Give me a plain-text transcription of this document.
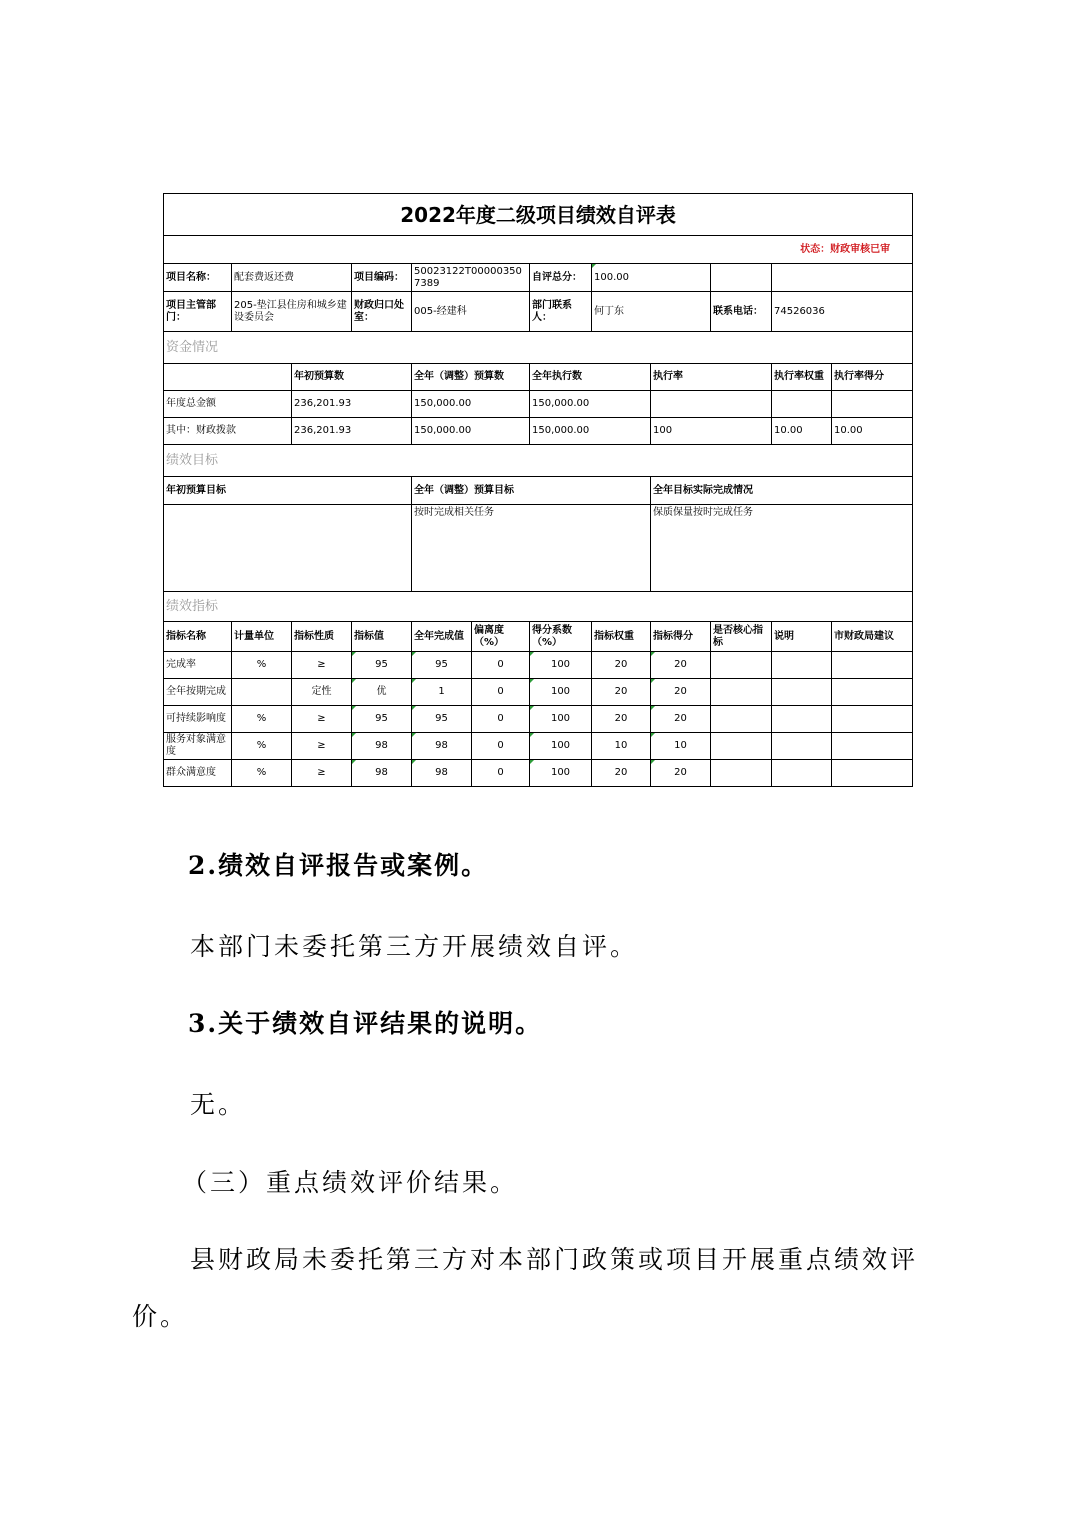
2022年度二级项目绩效自评表											
状态：财政审核已审											
项目名称：	配套费返还费		项目编码：	50023122T000003507389		自评总分：	100.00				
项目主管部门：	205-垫江县住房和城乡建设委员会		财政归口处室：	005-经建科		部门联系人：	何丁东		联系电话：	74526036	
资金情况											
		年初预算数		全年（调整）预算数		全年执行数		执行率		执行率权重	执行率得分
年度总金额		236,201.93		150,000.00		150,000.00					
其中：财政拨款		236,201.93		150,000.00		150,000.00		100		10.00	10.00
绩效目标											
年初预算目标				全年（调整）预算目标				全年目标实际完成情况			
				按时完成相关任务				保质保量按时完成任务			
绩效指标											
指标名称	计量单位	指标性质	指标值	全年完成值	偏离度（%）	得分系数（%）	指标权重	指标得分	是否核心指标	说明	市财政局建议
完成率	%	≥	95	95	0	100	20	20			
全年按期完成		定性	优	1	0	100	20	20			
可持续影响度	%	≥	95	95	0	100	20	20			
服务对象满意度	%	≥	98	98	0	100	10	10			
群众满意度	%	≥	98	98	0	100	20	20			
2.绩效自评报告或案例。
本部门未委托第三方开展绩效自评。
3.关于绩效自评结果的说明。
无。
（三）重点绩效评价结果。
县财政局未委托第三方对本部门政策或项目开展重点绩效评
价。
